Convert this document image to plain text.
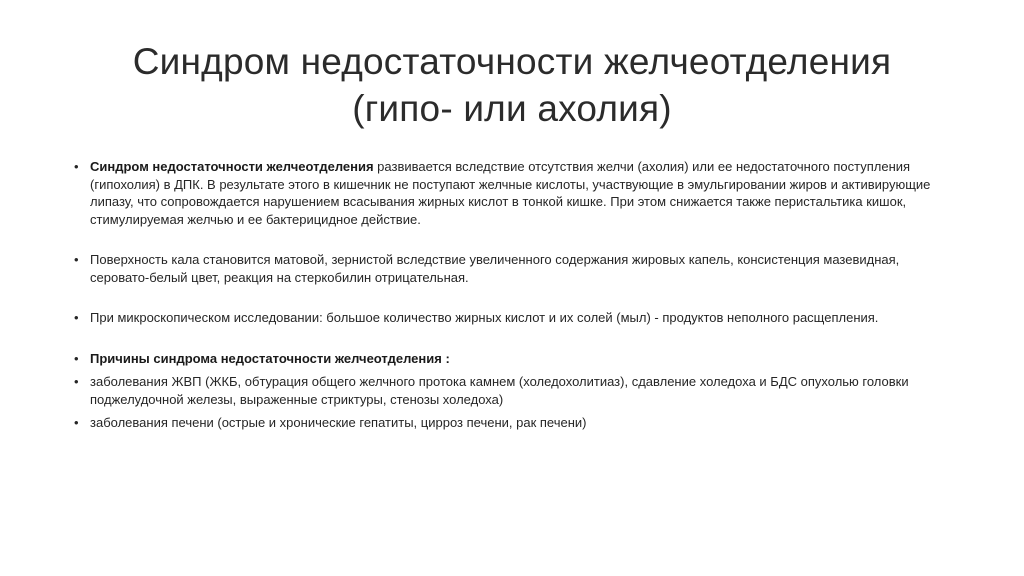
Синдром недостаточности желчеотделения
(гипо- или ахолия)
• Синдром недостаточности желчеотделения развивается вследствие отсутствия желчи (ахолия) или ее недостаточного поступления (гипохолия) в ДПК. В результате этого в кишечник не поступают желчные кислоты, участвующие в эмульгировании жиров и активирующие липазу, что сопровождается нарушением всасывания жирных кислот в тонкой кишке. При этом снижается также перистальтика кишок, стимулируемая желчью и ее бактерицидное действие.
• Поверхность кала становится матовой, зернистой вследствие увеличенного содержания жировых капель, консистенция мазевидная, серовато-белый цвет, реакция на стеркобилин отрицательная.
• При микроскопическом исследовании: большое количество жирных кислот и их солей (мыл) - продуктов неполного расщепления.
• Причины синдрома недостаточности желчеотделения :
• заболевания ЖВП (ЖКБ, обтурация общего желчного протока камнем (холедохолитиаз), сдавление холедоха и БДС опухолью головки поджелудочной железы, выраженные стриктуры, стенозы холедоха)
• заболевания печени (острые и хронические гепатиты, цирроз печени, рак печени)
